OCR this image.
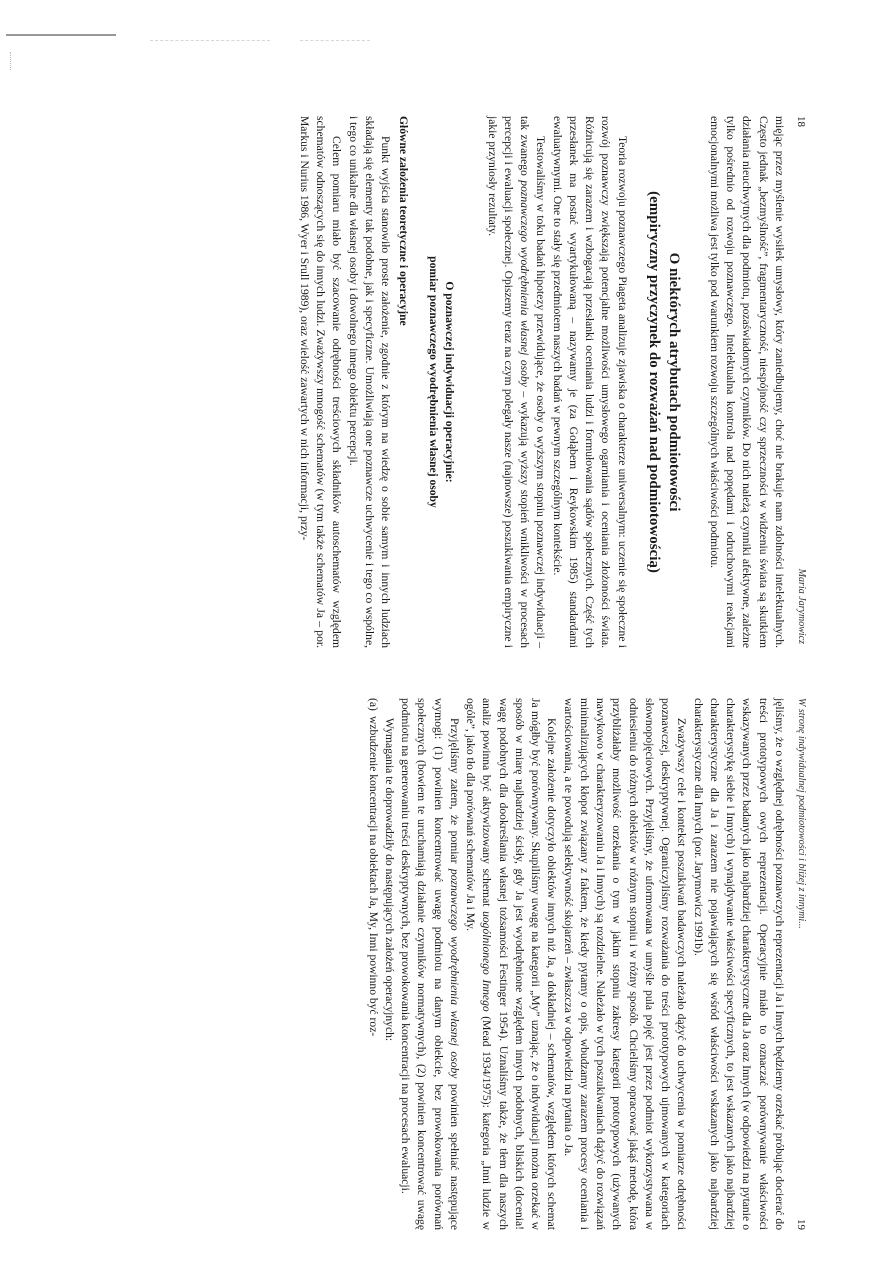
18
Maria Jarymowicz

mięjąc przez myślenie wysiłek umysłowy, który zaniedbujemy, choć nie brakuje nam zdolności intelektualnych. Często jednak „bezmyślność”, fragmentaryczność, niespójność czy sprzeczności w widzeniu świata są skutkiem działania nieuchwytnych dla podmiotu, pozaświadomych czynników. Do nich należą czynniki afektywne, zależne tylko pośrednio od rozwoju poznawczego. Intelektualna kontrola nad popędami i odruchowymi reakcjami emocjonalnymi możliwa jest tylko pod warunkiem rozwoju szczególnych właściwości podmiotu.

O niektórych atrybutach podmiotowości
(empiryczny przyczynek do rozważań nad podmiotowością)

Teoria rozwoju poznawczego Piageta analizuje zjawiska o charakterze uniwersalnym: uczenie się społeczne i rozwój poznawczy zwiększają potencjalne możliwości umysłowego ogarniania i oceniania złożoności świata. Różnicują się zarazem i wzbogacają przesłanki oceniania ludzi i formułowania sądów społecznych. Część tych przesłanek ma postać wyartykułowaną – nazywamy je (za Gołąbem i Reykowskim 1985) standardami ewaluatywnymi. One to stały się przedmiotem naszych badań w pewnym szczególnym kontekście.

Testowaliśmy w toku badań hipotezy przewidujące, że osoby o wyższym stopniu poznawczej indywiduacji – tak zwanego poznawczego wyodrębnienia własnej osoby – wykazują wyższy stopień wnikliwości w procesach percepcji i ewaluacji społecznej. Opiszemy teraz na czym polegały nasze (najnowsze) poszukiwania empiryczne i jakie przyniosły rezultaty.

O poznawczej indywiduacji operacyjnie:
pomiar poznawczego wyodrębnienia własnej osoby

Główne założenia teoretyczne i operacyjne

Punkt wyjścia stanowiło proste założenie, zgodnie z którym na wiedzę o sobie samym i innych ludziach składają się elementy tak podobne, jak i specyficzne. Umożliwiają one poznawcze uchwycenie i tego co wspólne, i tego co unikalne dla własnej osoby i dowolnego innego obiektu percepcji.

Celem pomiaru miało być szacowanie odrębności treściowych składników autoschematów względem schematów odnoszących się do innych ludzi. Zważywszy mnogość schematów (w tym także schematów Ja – por. Markus i Nurius 1986, Wyer i Srull 1989), oraz wielość zawartych w nich informacji, przy-

W stronę indywidualnej podmiotowości i bliżej z innymi...
19

jęliśmy, że o względnej odrębności poznawczych reprezentacji Ja i Innych będziemy orzekać próbując docierać do treści prototypowych owych reprezentacji. Operacyjnie miało to oznaczać porównywanie właściwości wskazywanych przez badanych jako najbardziej charakterystyczne dla Ja oraz Innych (w odpowiedzi na pytanie o charakterystykę siebie i Innych) i wynajdywanie właściwości specyficznych, to jest wskazanych jako najbardziej charakterystyczne dla Ja i zarazem nie pojawiających się wśród właściwości wskazanych jako najbardziej charakterystyczne dla Innych (por. Jarymowicz 1991b).

Zważywszy cele i kontekst poszukiwań badawczych należało dążyć do uchwycenia w pomiarze odrębności poznawczej, deskryptywnej. Ograniczyliśmy rozważania do treści prototypowych ujmowanych w kategoriach słownopojęciowych. Przyjęliśmy, że uformowana w umyśle pula pojęć jest przez podmiot wykorzystywana w odniesieniu do różnych obiektów w różnym stopniu i w różny sposób. Chcieliśmy opracować jakąś metodę, która przybliżałaby możliwość orzekania o tym w jakim stopniu zakresy kategorii prototypowych (używanych nawykowo w charakteryzowaniu Ja i Innych) są rozdzielne. Należało w tych poszukiwaniach dążyć do rozwiązań minimalizujących kłopot związany z faktem, że kiedy pytamy o opis, wbudzamy zarazem procesy oceniania i wartościowania, a te powodują selektywność skojarzeń – zwłaszcza w odpowiedzi na pytania o Ja.

Kolejne założenie dotyczyło obiektów innych niż Ja, a dokładniej – schematów, względem których schemat Ja mógłby być porównywany. Skupiliśmy uwagę na kategorii „My” uznając, że o indywiduacji można orzekać w sposób w miarę najbardziej ścisły, gdy Ja jest wyodrębnione względem innych podobnych, bliskich (docenia! wagę podobnych dla dookreślania własnej tożsamości Festinger 1954). Uznaliśmy także, że tłem dla naszych analiz powinna być aktywizowany schemat uogólnionego Innego (Mead 1934/1975): kategoria „Inni ludzie w ogóle”, jako tło dla porównań schematów Ja i My.

Przyjęliśmy zatem, że pomiar poznawczego wyodrębnienia własnej osoby powinien spełniać następujące wymogi: (1) powinien koncentrować uwagę podmiotu na danym obiekcie, bez prowokowania porównań społecznych (bowiem te uruchamiają działanie czynników normatywnych), (2) powinien koncentrować uwagę podmiotu na generowaniu treści deskryptywnych, bez prowokowania koncentracji na procesach ewaluacji.

Wymagania te doprowadziły do następujących założeń operacyjnych:

(a)wzbudzenie koncentracji na obiektach Ja, My, Inni powinno być roz-
